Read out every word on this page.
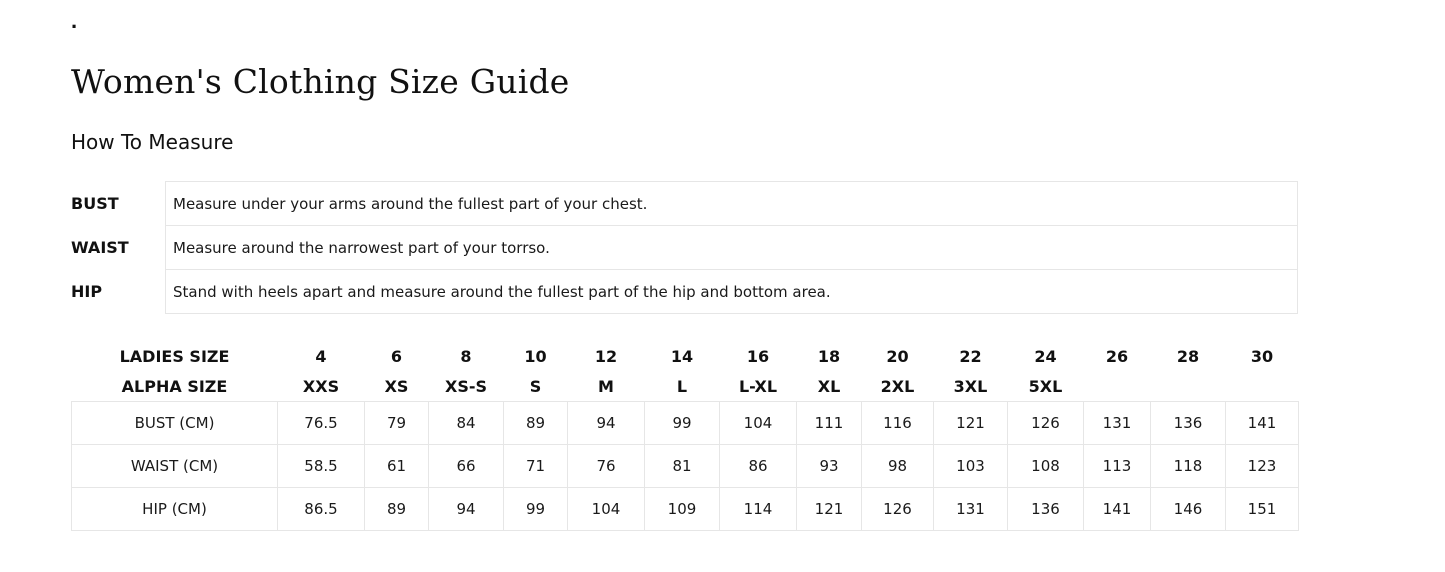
.
Women's Clothing Size Guide
How To Measure
BUST	Measure under your arms around the fullest part of your chest.
WAIST	Measure around the narrowest part of your torrso.
HIP	Stand with heels apart and measure around the fullest part of the hip and bottom area.
LADIES SIZE	4	6	8	10	12	14	16	18	20	22	24	26	28	30
ALPHA SIZE	XXS	XS	XS-S	S	M	L	L-XL	XL	2XL	3XL	5XL			
BUST (CM)	76.5	79	84	89	94	99	104	111	116	121	126	131	136	141
WAIST (CM)	58.5	61	66	71	76	81	86	93	98	103	108	113	118	123
HIP (CM)	86.5	89	94	99	104	109	114	121	126	131	136	141	146	151
